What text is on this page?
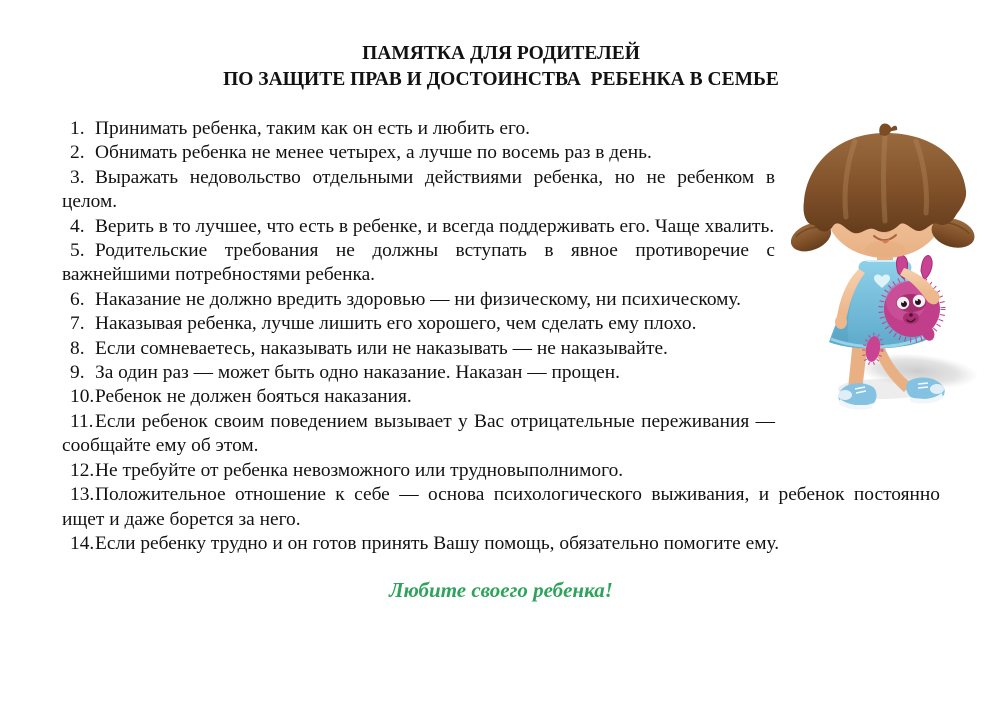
ПАМЯТКА ДЛЯ РОДИТЕЛЕЙ
ПО ЗАЩИТЕ ПРАВ И ДОСТОИНСТВА  РЕБЕНКА В СЕМЬЕ

1. Принимать ребенка, таким как он есть и любить его.

2. Обнимать ребенка не менее четырех, а лучше по восемь раз в день.

3. Выражать недовольство отдельными действиями ребенка, но не ребенком в целом.

4. Верить в то лучшее, что есть в ребенке, и всегда поддерживать его. Чаще хвалить.

5. Родительские требования не должны вступать в явное противоречие с важнейшими потребностями ребенка.

6. Наказание не должно вредить здоровью — ни физическому, ни психическому.

7. Наказывая ребенка, лучше лишить его хорошего, чем сделать ему плохо.

8. Если сомневаетесь, наказывать или не наказывать — не наказывайте.

9. За один раз — может быть одно наказание. Наказан — прощен.

10.Ребенок не должен бояться наказания.

11.Если ребенок своим поведением вызывает у Вас отрицательные переживания — сообщайте ему об этом.

12.Не требуйте от ребенка невозможного или трудновыполнимого.

13.Положительное отношение к себе — основа психологического выживания, и ребенок постоянно ищет и даже борется за него.

14.Если ребенку трудно и он готов принять Вашу помощь, обязательно помогите ему.

Любите своего ребенка!
